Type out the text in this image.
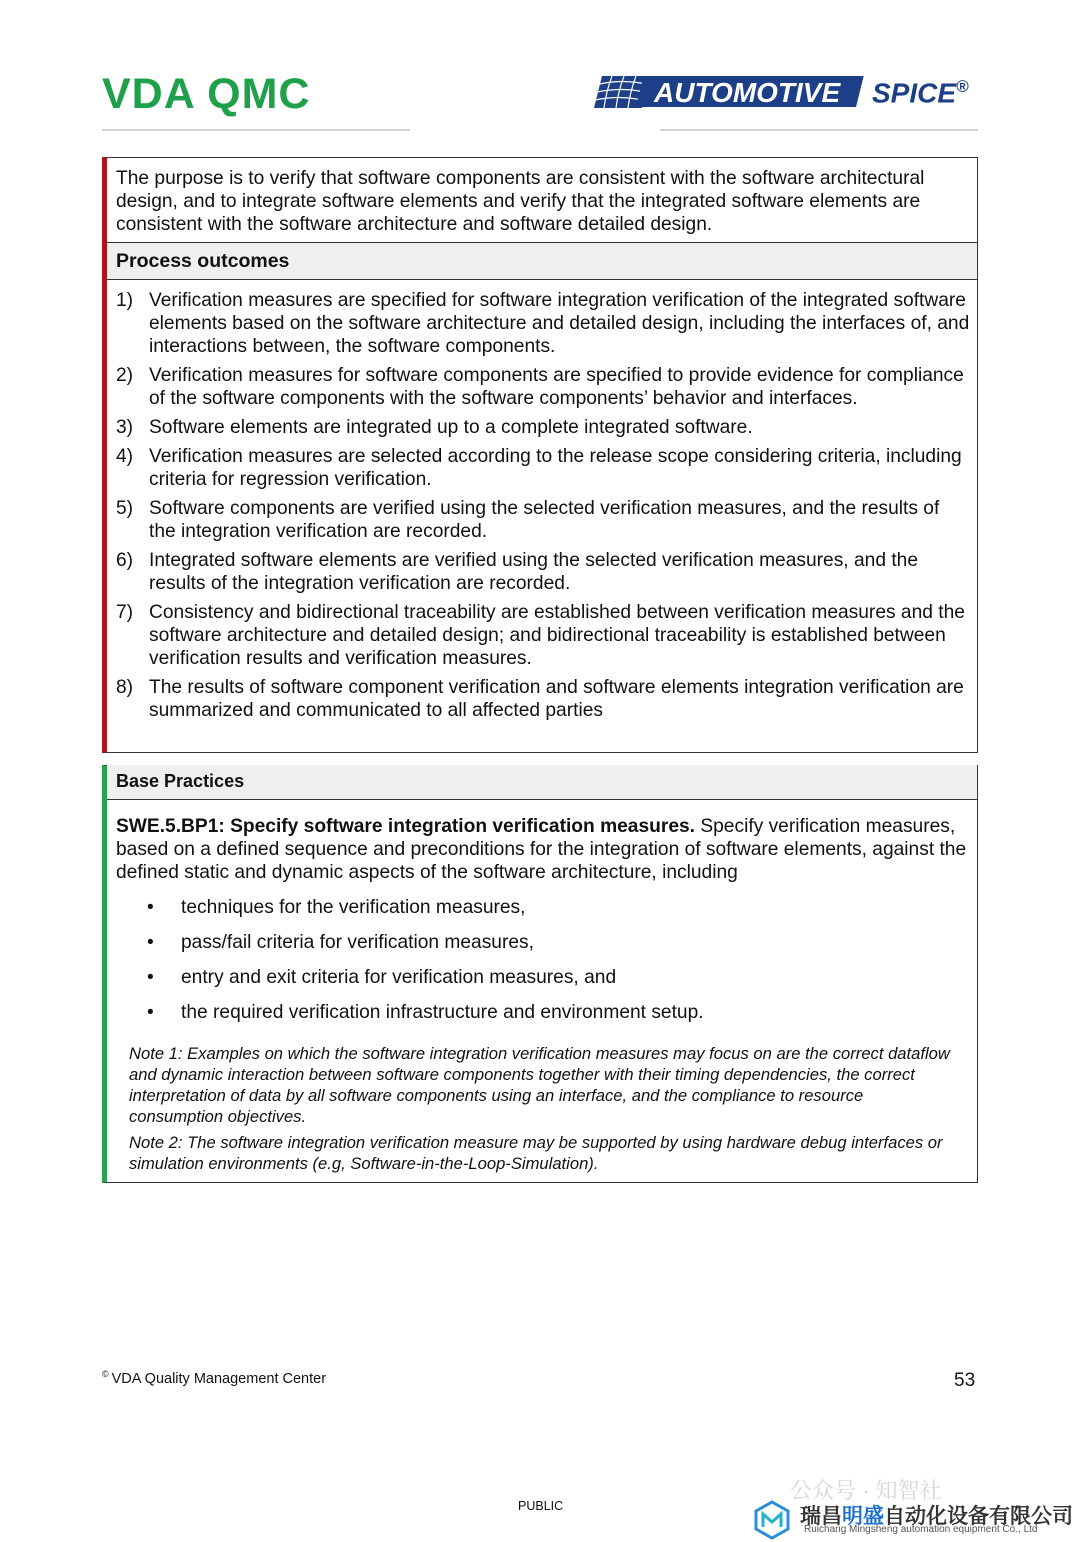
VDA QMC	AUTOMOTIVE SPICE®
The purpose is to verify that software components are consistent with the software architectural design, and to integrate software elements and verify that the integrated software elements are consistent with the software architecture and software detailed design.
Process outcomes
1) Verification measures are specified for software integration verification of the integrated software elements based on the software architecture and detailed design, including the interfaces of, and interactions between, the software components.
2) Verification measures for software components are specified to provide evidence for compliance of the software components with the software components’ behavior and interfaces.
3) Software elements are integrated up to a complete integrated software.
4) Verification measures are selected according to the release scope considering criteria, including criteria for regression verification.
5) Software components are verified using the selected verification measures, and the results of the integration verification are recorded.
6) Integrated software elements are verified using the selected verification measures, and the results of the integration verification are recorded.
7) Consistency and bidirectional traceability are established between verification measures and the software architecture and detailed design; and bidirectional traceability is established between verification results and verification measures.
8) The results of software component verification and software elements integration verification are summarized and communicated to all affected parties
Base Practices
SWE.5.BP1: Specify software integration verification measures. Specify verification measures, based on a defined sequence and preconditions for the integration of software elements, against the defined static and dynamic aspects of the software architecture, including
•	techniques for the verification measures,
•	pass/fail criteria for verification measures,
•	entry and exit criteria for verification measures, and
•	the required verification infrastructure and environment setup.
Note 1: Examples on which the software integration verification measures may focus on are the correct dataflow and dynamic interaction between software components together with their timing dependencies, the correct interpretation of data by all software components using an interface, and the compliance to resource consumption objectives.
Note 2: The software integration verification measure may be supported by using hardware debug interfaces or simulation environments (e.g, Software-in-the-Loop-Simulation).
© VDA Quality Management Center	53
PUBLIC
公众号 · 知智社
瑞昌明盛自动化设备有限公司
Ruichang Mingsheng automation equipment Co., Ltd
